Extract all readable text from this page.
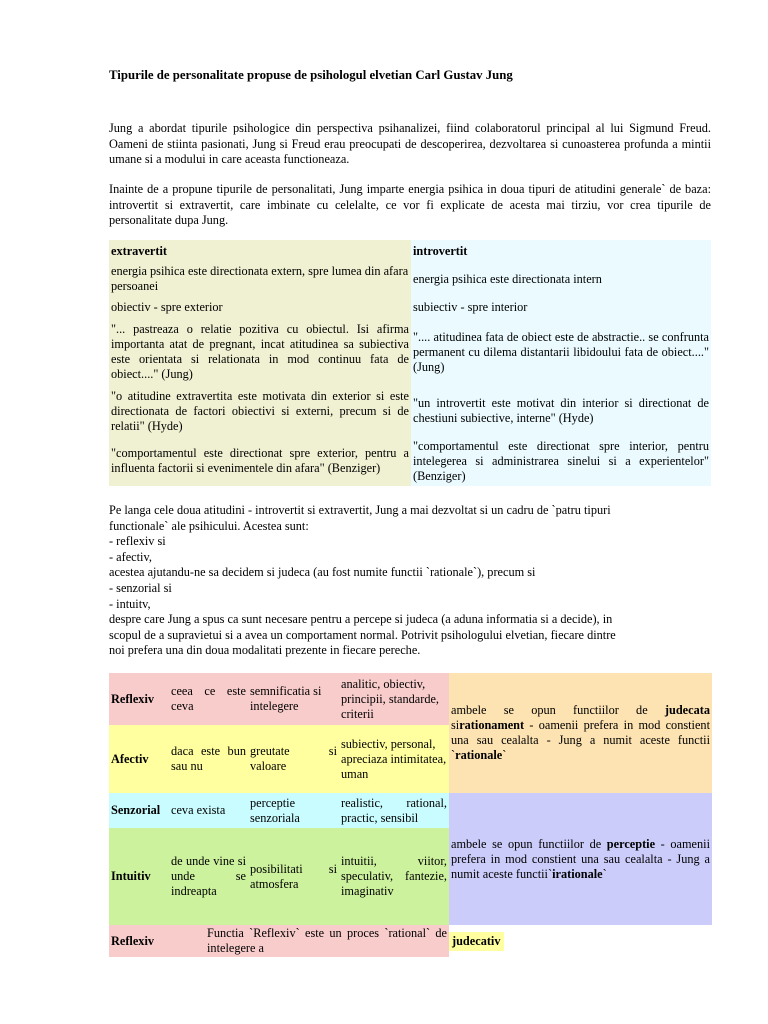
Tipurile de personalitate propuse de psihologul elvetian Carl Gustav Jung
Jung a abordat tipurile psihologice din perspectiva psihanalizei, fiind colaboratorul principal al lui Sigmund Freud. Oameni de stiinta pasionati, Jung si Freud erau preocupati de descoperirea, dezvoltarea si cunoasterea profunda a mintii umane si a modului in care aceasta functioneaza.
Inainte de a propune tipurile de personalitati, Jung imparte energia psihica in doua tipuri de atitudini generale` de baza: introvertit si extravertit, care imbinate cu celelalte, ce vor fi explicate de acesta mai tirziu, vor crea tipurile de personalitate dupa Jung.
extravertit	introvertit
energia psihica este directionata extern, spre lumea din afara persoanei	energia psihica este directionata intern
obiectiv - spre exterior	subiectiv - spre interior
"... pastreaza o relatie pozitiva cu obiectul. Isi afirma importanta atat de pregnant, incat atitudinea sa subiectiva este orientata si relationata in mod continuu fata de obiect...." (Jung)	".... atitudinea fata de obiect este de abstractie.. se confrunta permanent cu dilema distantarii libidoului fata de obiect...." (Jung)
"o atitudine extravertita este motivata din exterior si este directionata de factori obiectivi si externi, precum si de relatii" (Hyde)	"un introvertit este motivat din interior si directionat de chestiuni subiective, interne" (Hyde)
"comportamentul este directionat spre exterior, pentru a influenta factorii si evenimentele din afara" (Benziger)	"comportamentul este directionat spre interior, pentru intelegerea si administrarea sinelui si a experientelor" (Benziger)
Pe langa cele doua atitudini - introvertit si extravertit, Jung a mai dezvoltat si un cadru de `patru tipuri
functionale` ale psihicului. Acestea sunt:
- reflexiv si
- afectiv,
acestea ajutandu-ne sa decidem si judeca (au fost numite functii `rationale`), precum si
- senzorial si
- intuitv,
despre care Jung a spus ca sunt necesare pentru a percepe si judeca (a aduna informatia si a decide), in
scopul de a supravietui si a avea un comportament normal. Potrivit psihologului elvetian, fiecare dintre
noi prefera una din doua modalitati prezente in fiecare pereche.
Reflexiv	ceea ce este ceva	semnificatia si intelegere	analitic, obiectiv, principii, standarde, criterii	ambele se opun functiilor de judecata sirationament - oamenii prefera in mod constient una sau cealalta - Jung a numit aceste functii `rationale`
Afectiv	daca este bun sau nu	greutate si valoare	subiectiv, personal, apreciaza intimitatea, uman	
Senzorial	ceva exista	perceptie senzoriala	realistic, rational, practic, sensibil	ambele se opun functiilor de perceptie - oamenii prefera in mod constient una sau cealalta - Jung a numit aceste functii`irationale`
Intuitiv	de unde vine si unde se indreapta	posibilitati si atmosfera	intuitii, viitor, speculativ, fantezie, imaginativ	
Reflexiv	Functia `Reflexiv` este un proces `rational` de intelegere a			judecativ
